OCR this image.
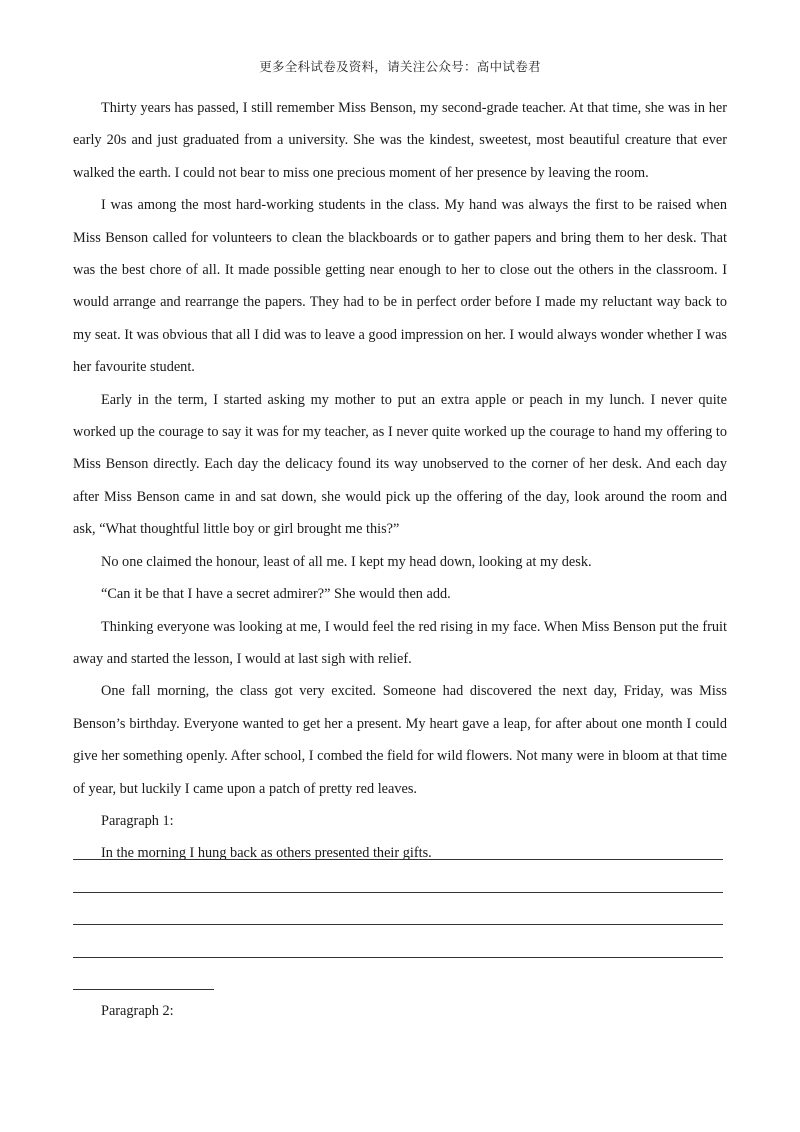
更多全科试卷及资料，请关注公众号：高中试卷君

Thirty years has passed, I still remember Miss Benson, my second-grade teacher. At that time, she was in her early 20s and just graduated from a university. She was the kindest, sweetest, most beautiful creature that ever walked the earth. I could not bear to miss one precious moment of her presence by leaving the room.

I was among the most hard-working students in the class. My hand was always the first to be raised when Miss Benson called for volunteers to clean the blackboards or to gather papers and bring them to her desk. That was the best chore of all. It made possible getting near enough to her to close out the others in the classroom. I would arrange and rearrange the papers. They had to be in perfect order before I made my reluctant way back to my seat. It was obvious that all I did was to leave a good impression on her. I would always wonder whether I was her favourite student.

Early in the term, I started asking my mother to put an extra apple or peach in my lunch. I never quite worked up the courage to say it was for my teacher, as I never quite worked up the courage to hand my offering to Miss Benson directly. Each day the delicacy found its way unobserved to the corner of her desk. And each day after Miss Benson came in and sat down, she would pick up the offering of the day, look around the room and ask, “What thoughtful little boy or girl brought me this?”

No one claimed the honour, least of all me. I kept my head down, looking at my desk.

“Can it be that I have a secret admirer?” She would then add.

Thinking everyone was looking at me, I would feel the red rising in my face. When Miss Benson put the fruit away and started the lesson, I would at last sigh with relief.

One fall morning, the class got very excited. Someone had discovered the next day, Friday, was Miss Benson’s birthday. Everyone wanted to get her a present. My heart gave a leap, for after about one month I could give her something openly. After school, I combed the field for wild flowers. Not many were in bloom at that time of year, but luckily I came upon a patch of pretty red leaves.

Paragraph 1:

In the morning I hung back as others presented their gifts.

Paragraph 2:
